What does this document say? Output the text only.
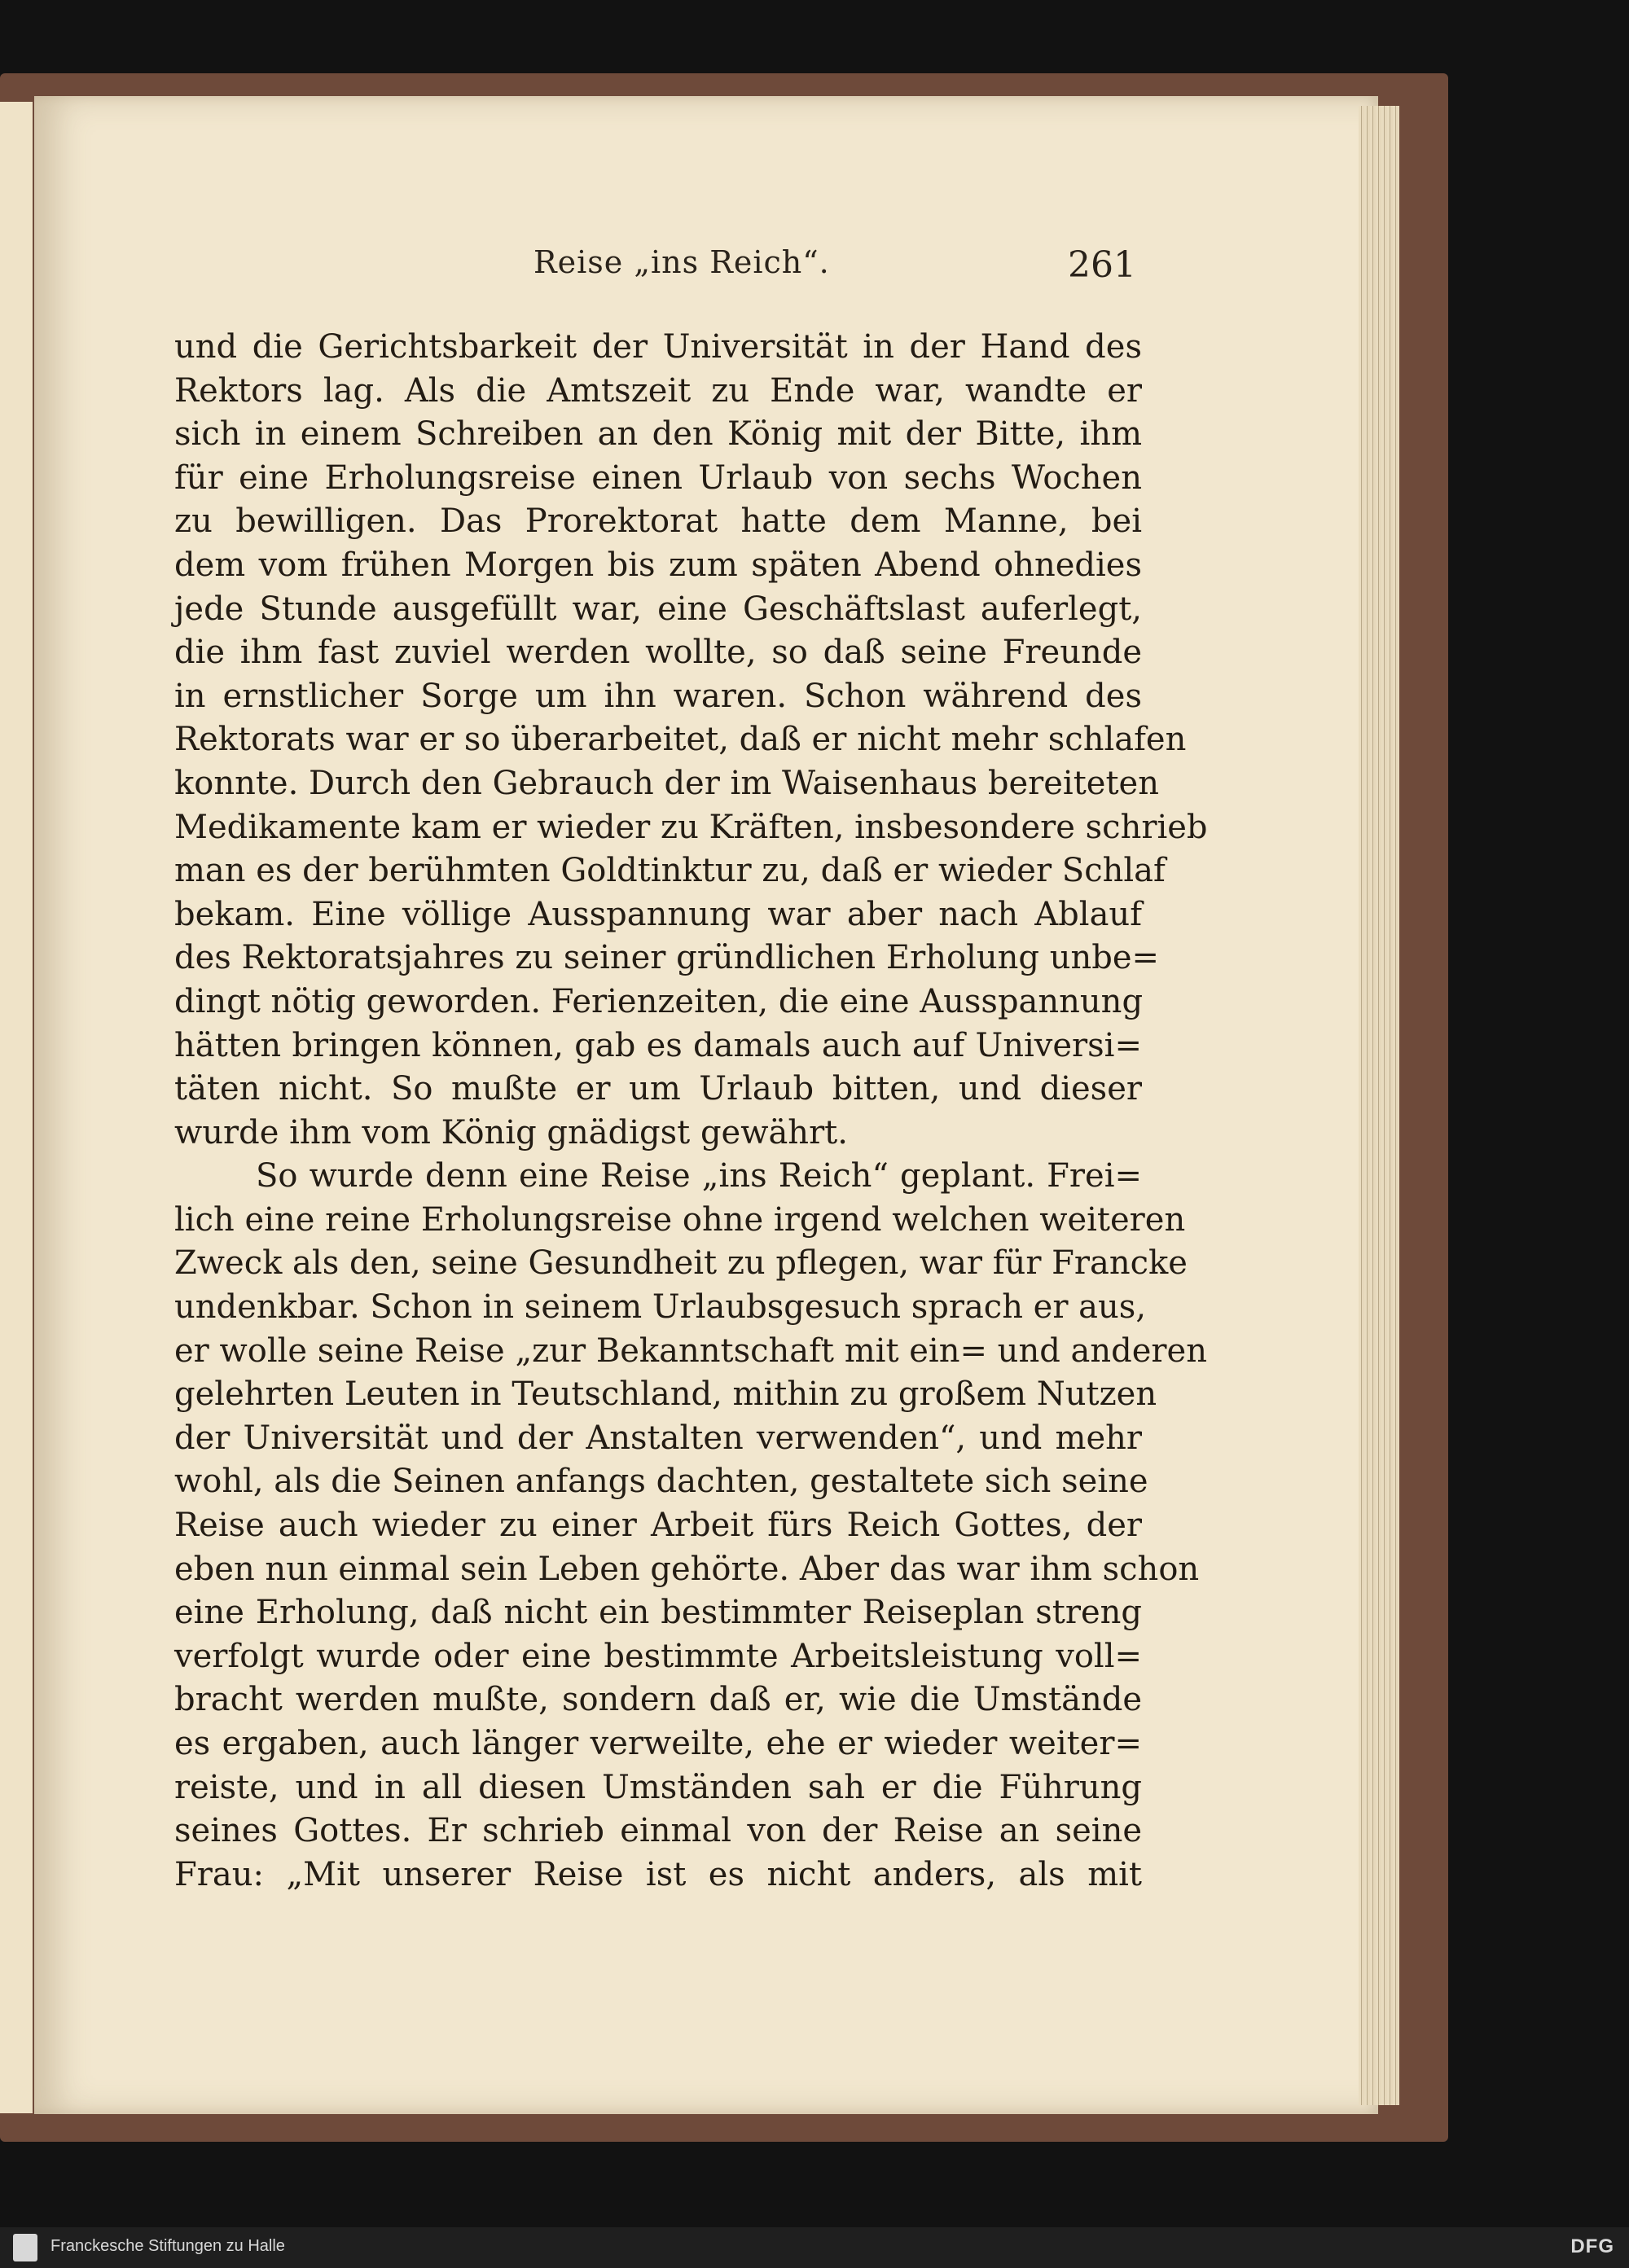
Reise „ins Reich“.	261
und die Gerichtsbarkeit der Universität in der Hand des
Rektors lag. Als die Amtszeit zu Ende war, wandte er
sich in einem Schreiben an den König mit der Bitte, ihm
für eine Erholungsreise einen Urlaub von sechs Wochen
zu bewilligen. Das Prorektorat hatte dem Manne, bei
dem vom frühen Morgen bis zum späten Abend ohnedies
jede Stunde ausgefüllt war, eine Geschäftslast auferlegt,
die ihm fast zuviel werden wollte, so daß seine Freunde
in ernstlicher Sorge um ihn waren. Schon während des
Rektorats war er so überarbeitet, daß er nicht mehr schlafen
konnte. Durch den Gebrauch der im Waisenhaus bereiteten
Medikamente kam er wieder zu Kräften, insbesondere schrieb
man es der berühmten Goldtinktur zu, daß er wieder Schlaf
bekam. Eine völlige Ausspannung war aber nach Ablauf
des Rektoratsjahres zu seiner gründlichen Erholung unbe=
dingt nötig geworden. Ferienzeiten, die eine Ausspannung
hätten bringen können, gab es damals auch auf Universi=
täten nicht. So mußte er um Urlaub bitten, und dieser
wurde ihm vom König gnädigst gewährt.
So wurde denn eine Reise „ins Reich“ geplant. Frei=
lich eine reine Erholungsreise ohne irgend welchen weiteren
Zweck als den, seine Gesundheit zu pflegen, war für Francke
undenkbar. Schon in seinem Urlaubsgesuch sprach er aus,
er wolle seine Reise „zur Bekanntschaft mit ein= und anderen
gelehrten Leuten in Teutschland, mithin zu großem Nutzen
der Universität und der Anstalten verwenden“, und mehr
wohl, als die Seinen anfangs dachten, gestaltete sich seine
Reise auch wieder zu einer Arbeit fürs Reich Gottes, der
eben nun einmal sein Leben gehörte. Aber das war ihm schon
eine Erholung, daß nicht ein bestimmter Reiseplan streng
verfolgt wurde oder eine bestimmte Arbeitsleistung voll=
bracht werden mußte, sondern daß er, wie die Umstände
es ergaben, auch länger verweilte, ehe er wieder weiter=
reiste, und in all diesen Umständen sah er die Führung
seines Gottes. Er schrieb einmal von der Reise an seine
Frau: „Mit unserer Reise ist es nicht anders, als mit
Franckesche Stiftungen zu Halle	DFG
